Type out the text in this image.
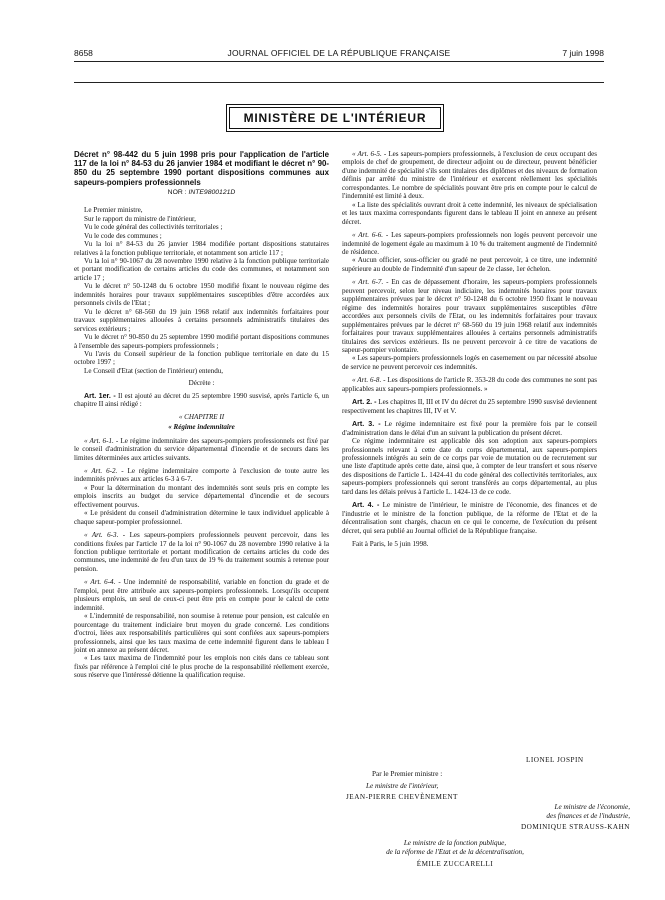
8658	JOURNAL OFFICIEL DE LA RÉPUBLIQUE FRANÇAISE	7 juin 1998
MINISTÈRE DE L'INTÉRIEUR
Décret n° 98-442 du 5 juin 1998 pris pour l'application de l'article 117 de la loi n° 84-53 du 26 janvier 1984 et modifiant le décret n° 90-850 du 25 septembre 1990 portant dispositions communes aux sapeurs-pompiers professionnels
NOR : INTE9800121D

Le Premier ministre,

Sur le rapport du ministre de l'intérieur,

Vu le code général des collectivités territoriales ;

Vu le code des communes ;

Vu la loi n° 84-53 du 26 janvier 1984 modifiée portant dispositions statutaires relatives à la fonction publique territoriale, et notamment son article 117 ;

Vu la loi n° 90-1067 du 28 novembre 1990 relative à la fonction publique territoriale et portant modification de certains articles du code des communes, et notamment son article 17 ;

Vu le décret n° 50-1248 du 6 octobre 1950 modifié fixant le nouveau régime des indemnités horaires pour travaux supplémentaires susceptibles d'être accordées aux personnels civils de l'Etat ;

Vu le décret n° 68-560 du 19 juin 1968 relatif aux indemnités forfaitaires pour travaux supplémentaires allouées à certains personnels administratifs titulaires des services extérieurs ;

Vu le décret n° 90-850 du 25 septembre 1990 modifié portant dispositions communes à l'ensemble des sapeurs-pompiers professionnels ;

Vu l'avis du Conseil supérieur de la fonction publique territoriale en date du 15 octobre 1997 ;

Le Conseil d'Etat (section de l'intérieur) entendu,

Décrète :

Art. 1er. - Il est ajouté au décret du 25 septembre 1990 susvisé, après l'article 6, un chapitre II ainsi rédigé :

« CHAPITRE II
« Régime indemnitaire

« Art. 6-1. - Le régime indemnitaire des sapeurs-pompiers professionnels est fixé par le conseil d'administration du service départemental d'incendie et de secours dans les limites déterminées aux articles suivants.

« Art. 6-2. - Le régime indemnitaire comporte à l'exclusion de toute autre les indemnités prévues aux articles 6-3 à 6-7.

« Pour la détermination du montant des indemnités sont seuls pris en compte les emplois inscrits au budget du service départemental d'incendie et de secours effectivement pourvus.

« Le président du conseil d'administration détermine le taux individuel applicable à chaque sapeur-pompier professionnel.

« Art. 6-3. - Les sapeurs-pompiers professionnels peuvent percevoir, dans les conditions fixées par l'article 17 de la loi n° 90-1067 du 28 novembre 1990 relative à la fonction publique territoriale et portant modification de certains articles du code des communes, une indemnité de feu d'un taux de 19 % du traitement soumis à retenue pour pension.

« Art. 6-4. - Une indemnité de responsabilité, variable en fonction du grade et de l'emploi, peut être attribuée aux sapeurs-pompiers professionnels. Lorsqu'ils occupent plusieurs emplois, un seul de ceux-ci peut être pris en compte pour le calcul de cette indemnité.

« L'indemnité de responsabilité, non soumise à retenue pour pension, est calculée en pourcentage du traitement indiciaire brut moyen du grade concerné. Les conditions d'octroi, liées aux responsabilités particulières qui sont confiées aux sapeurs-pompiers professionnels, ainsi que les taux maxima de cette indemnité figurent dans le tableau I joint en annexe au présent décret.

« Les taux maxima de l'indemnité pour les emplois non cités dans ce tableau sont fixés par référence à l'emploi cité le plus proche de la responsabilité réellement exercée, sous réserve que l'intéressé détienne la qualification requise.

« Art. 6-5. - Les sapeurs-pompiers professionnels, à l'exclusion de ceux occupant des emplois de chef de groupement, de directeur adjoint ou de directeur, peuvent bénéficier d'une indemnité de spécialité s'ils sont titulaires des diplômes et des niveaux de formation définis par arrêté du ministre de l'intérieur et exercent réellement les spécialités correspondantes. Le nombre de spécialités pouvant être pris en compte pour le calcul de l'indemnité est limité à deux.

« La liste des spécialités ouvrant droit à cette indemnité, les niveaux de spécialisation et les taux maxima correspondants figurent dans le tableau II joint en annexe au présent décret.

« Art. 6-6. - Les sapeurs-pompiers professionnels non logés peuvent percevoir une indemnité de logement égale au maximum à 10 % du traitement augmenté de l'indemnité de résidence.

« Aucun officier, sous-officier ou gradé ne peut percevoir, à ce titre, une indemnité supérieure au double de l'indemnité d'un sapeur de 2e classe, 1er échelon.

« Art. 6-7. - En cas de dépassement d'horaire, les sapeurs-pompiers professionnels peuvent percevoir, selon leur niveau indiciaire, les indemnités horaires pour travaux supplémentaires prévues par le décret n° 50-1248 du 6 octobre 1950 fixant le nouveau régime des indemnités horaires pour travaux supplémentaires susceptibles d'être accordées aux personnels civils de l'Etat, ou les indemnités forfaitaires pour travaux supplémentaires prévues par le décret n° 68-560 du 19 juin 1968 relatif aux indemnités forfaitaires pour travaux supplémentaires allouées à certains personnels administratifs titulaires des services extérieurs. Ils ne peuvent percevoir à ce titre de vacations de sapeur-pompier volontaire.

« Les sapeurs-pompiers professionnels logés en casernement ou par nécessité absolue de service ne peuvent percevoir ces indemnités.

« Art. 6-8. - Les dispositions de l'article R. 353-28 du code des communes ne sont pas applicables aux sapeurs-pompiers professionnels. »

Art. 2. - Les chapitres II, III et IV du décret du 25 septembre 1990 susvisé deviennent respectivement les chapitres III, IV et V.

Art. 3. - Le régime indemnitaire est fixé pour la première fois par le conseil d'administration dans le délai d'un an suivant la publication du présent décret.

Ce régime indemnitaire est applicable dès son adoption aux sapeurs-pompiers professionnels relevant à cette date du corps départemental, aux sapeurs-pompiers professionnels intégrés au sein de ce corps par voie de mutation ou de recrutement sur une liste d'aptitude après cette date, ainsi que, à compter de leur transfert et sous réserve des dispositions de l'article L. 1424-41 du code général des collectivités territoriales, aux sapeurs-pompiers professionnels qui seront transférés au corps départemental, au plus tard dans les délais prévus à l'article L. 1424-13 de ce code.

Art. 4. - Le ministre de l'intérieur, le ministre de l'économie, des finances et de l'industrie et le ministre de la fonction publique, de la réforme de l'Etat et de la décentralisation sont chargés, chacun en ce qui le concerne, de l'exécution du présent décret, qui sera publié au Journal officiel de la République française.

Fait à Paris, le 5 juin 1998.

LIONEL JOSPIN
Par le Premier ministre :
Le ministre de l'intérieur,
JEAN-PIERRE CHEVÈNEMENT
Le ministre de l'économie,
des finances et de l'industrie,
DOMINIQUE STRAUSS-KAHN
Le ministre de la fonction publique,
de la réforme de l'Etat et de la décentralisation,
ÉMILE ZUCCARELLI
